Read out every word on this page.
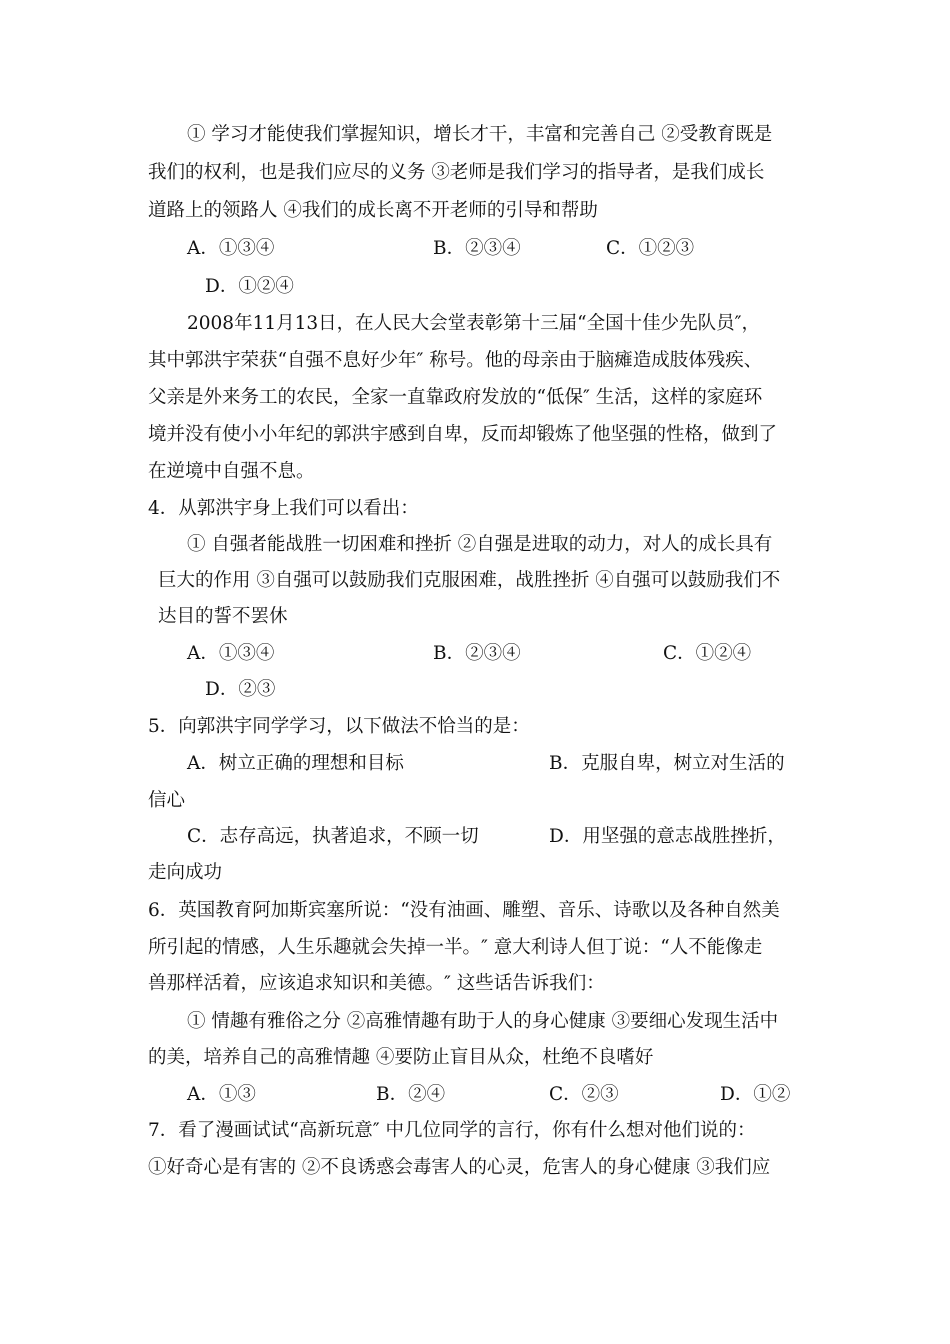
① 学习才能使我们掌握知识，增长才干，丰富和完善自己 ②受教育既是
我们的权利，也是我们应尽的义务 ③老师是我们学习的指导者，是我们成长
道路上的领路人 ④我们的成长离不开老师的引导和帮助
A．①③④	B．②③④	C．①②③
D．①②④
2008年11月13日，在人民大会堂表彰第十三届“全国十佳少先队员″，
其中郭洪宇荣获“自强不息好少年″ 称号。他的母亲由于脑瘫造成肢体残疾、
父亲是外来务工的农民，全家一直靠政府发放的“低保″ 生活，这样的家庭环
境并没有使小小年纪的郭洪宇感到自卑，反而却锻炼了他坚强的性格，做到了
在逆境中自强不息。
4．从郭洪宇身上我们可以看出：
① 自强者能战胜一切困难和挫折 ②自强是进取的动力，对人的成长具有
巨大的作用 ③自强可以鼓励我们克服困难，战胜挫折 ④自强可以鼓励我们不
达目的誓不罢休
A．①③④	B．②③④	C．①②④
D．②③
5．向郭洪宇同学学习，以下做法不恰当的是：
A．树立正确的理想和目标	B．克服自卑，树立对生活的
信心
C．志存高远，执著追求，不顾一切	D．用坚强的意志战胜挫折，
走向成功
6．英国教育阿加斯宾塞所说：“没有油画、雕塑、音乐、诗歌以及各种自然美
所引起的情感，人生乐趣就会失掉一半。″ 意大利诗人但丁说：“人不能像走
兽那样活着，应该追求知识和美德。″ 这些话告诉我们：
① 情趣有雅俗之分 ②高雅情趣有助于人的身心健康 ③要细心发现生活中
的美，培养自己的高雅情趣 ④要防止盲目从众，杜绝不良嗜好
A．①③	B．②④	C．②③	D．①②
7．看了漫画试试“高新玩意″ 中几位同学的言行，你有什么想对他们说的：
①好奇心是有害的 ②不良诱惑会毒害人的心灵，危害人的身心健康 ③我们应
